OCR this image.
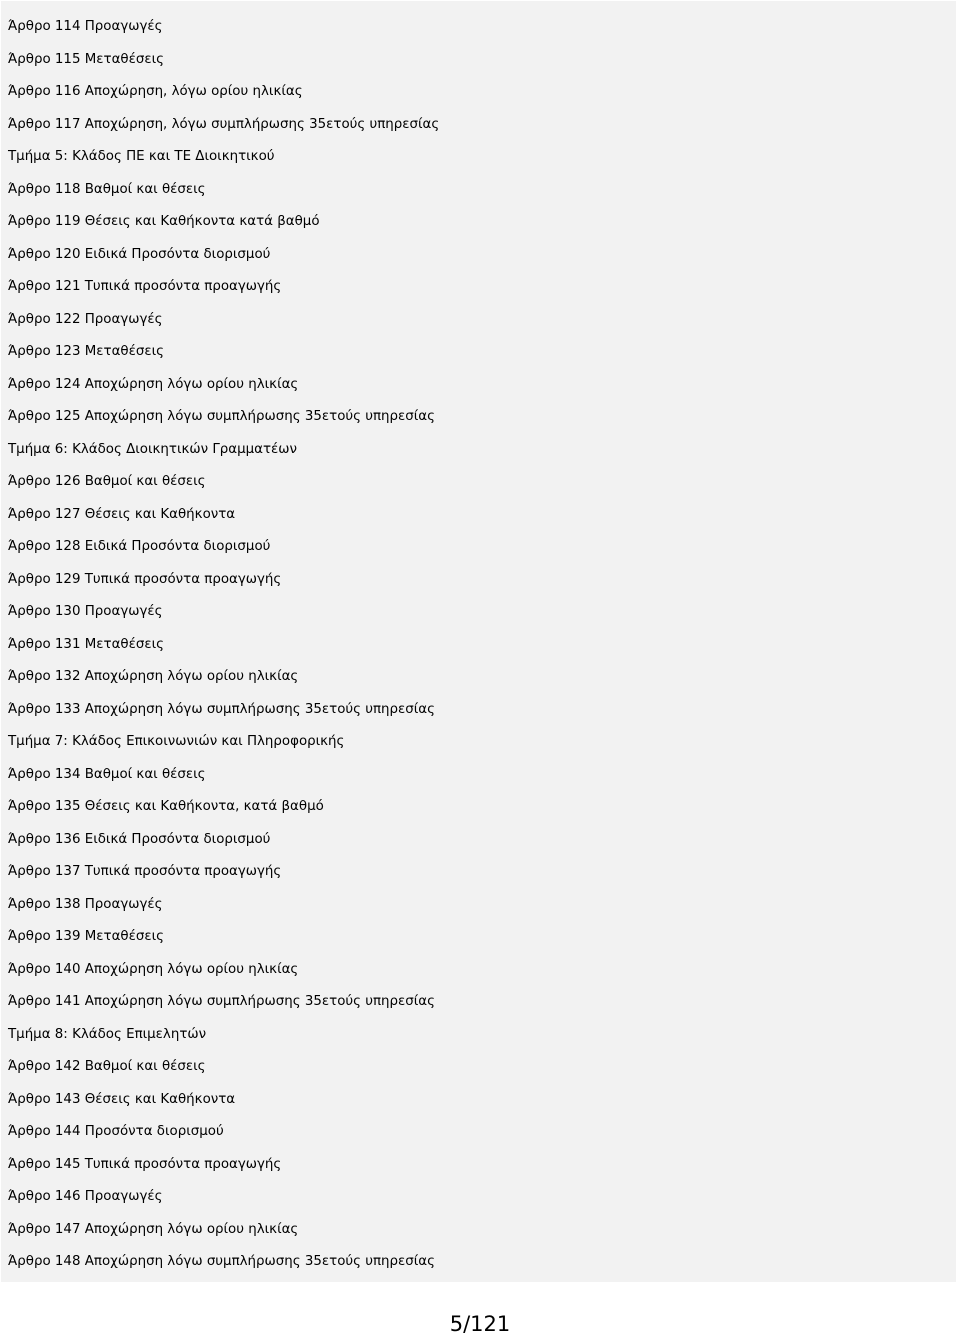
Άρθρο 114 Προαγωγές
Άρθρο 115 Μεταθέσεις
Άρθρο 116 Αποχώρηση, λόγω ορίου ηλικίας
Άρθρο 117 Αποχώρηση, λόγω συμπλήρωσης 35ετούς υπηρεσίας
Τμήμα 5: Κλάδος ΠΕ και ΤΕ Διοικητικού
Άρθρο 118 Βαθμοί και θέσεις
Άρθρο 119 Θέσεις και Καθήκοντα κατά βαθμό
Άρθρο 120 Ειδικά Προσόντα διορισμού
Άρθρο 121 Τυπικά προσόντα προαγωγής
Άρθρο 122 Προαγωγές
Άρθρο 123 Μεταθέσεις
Άρθρο 124 Αποχώρηση λόγω ορίου ηλικίας
Άρθρο 125 Αποχώρηση λόγω συμπλήρωσης 35ετούς υπηρεσίας
Τμήμα 6: Κλάδος Διοικητικών Γραμματέων
Άρθρο 126 Βαθμοί και θέσεις
Άρθρο 127 Θέσεις και Καθήκοντα
Άρθρο 128 Ειδικά Προσόντα διορισμού
Άρθρο 129 Τυπικά προσόντα προαγωγής
Άρθρο 130 Προαγωγές
Άρθρο 131 Μεταθέσεις
Άρθρο 132 Αποχώρηση λόγω ορίου ηλικίας
Άρθρο 133 Αποχώρηση λόγω συμπλήρωσης 35ετούς υπηρεσίας
Τμήμα 7: Κλάδος Επικοινωνιών και Πληροφορικής
Άρθρο 134 Βαθμοί και θέσεις
Άρθρο 135 Θέσεις και Καθήκοντα, κατά βαθμό
Άρθρο 136 Ειδικά Προσόντα διορισμού
Άρθρο 137 Τυπικά προσόντα προαγωγής
Άρθρο 138 Προαγωγές
Άρθρο 139 Μεταθέσεις
Άρθρο 140 Αποχώρηση λόγω ορίου ηλικίας
Άρθρο 141 Αποχώρηση λόγω συμπλήρωσης 35ετούς υπηρεσίας
Τμήμα 8: Κλάδος Επιμελητών
Άρθρο 142 Βαθμοί και θέσεις
Άρθρο 143 Θέσεις και Καθήκοντα
Άρθρο 144 Προσόντα διορισμού
Άρθρο 145 Τυπικά προσόντα προαγωγής
Άρθρο 146 Προαγωγές
Άρθρο 147 Αποχώρηση λόγω ορίου ηλικίας
Άρθρο 148 Αποχώρηση λόγω συμπλήρωσης 35ετούς υπηρεσίας
5/121
